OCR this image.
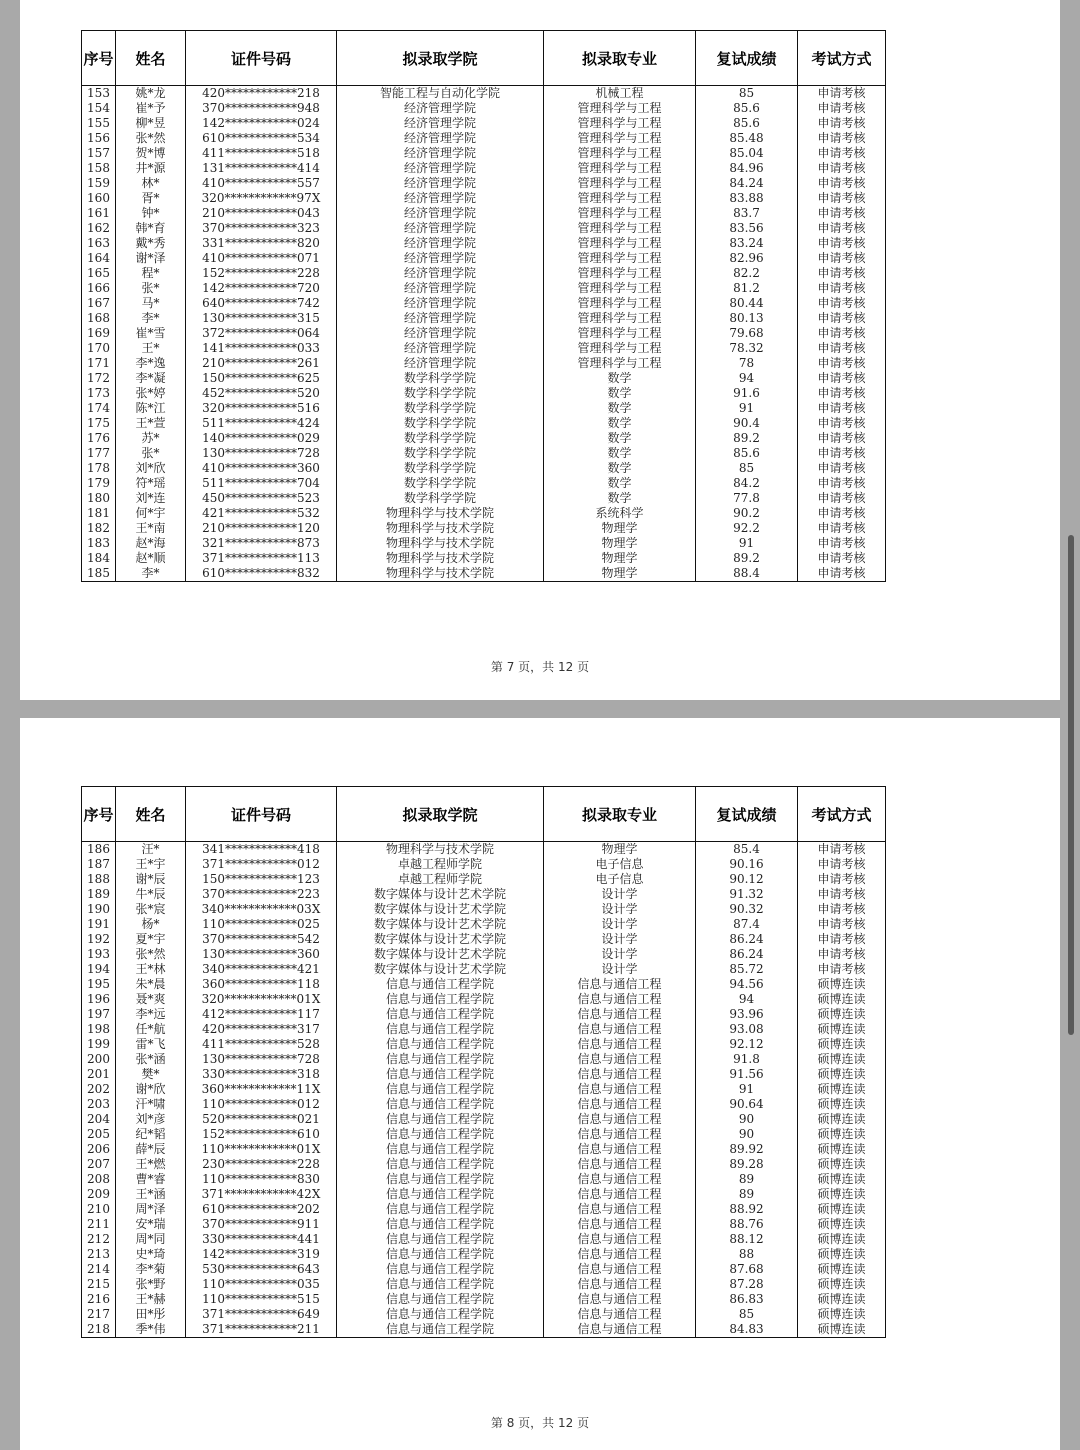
序号	姓名	证件号码	拟录取学院	拟录取专业	复试成绩	考试方式
153	姚*龙	420************218	智能工程与自动化学院	机械工程	85	申请考核
154	崔*予	370************948	经济管理学院	管理科学与工程	85.6	申请考核
155	柳*昱	142************024	经济管理学院	管理科学与工程	85.6	申请考核
156	张*然	610************534	经济管理学院	管理科学与工程	85.48	申请考核
157	贺*博	411************518	经济管理学院	管理科学与工程	85.04	申请考核
158	井*源	131************414	经济管理学院	管理科学与工程	84.96	申请考核
159	林*	410************557	经济管理学院	管理科学与工程	84.24	申请考核
160	胥*	320************97X	经济管理学院	管理科学与工程	83.88	申请考核
161	钟*	210************043	经济管理学院	管理科学与工程	83.7	申请考核
162	韩*育	370************323	经济管理学院	管理科学与工程	83.56	申请考核
163	戴*秀	331************820	经济管理学院	管理科学与工程	83.24	申请考核
164	谢*泽	410************071	经济管理学院	管理科学与工程	82.96	申请考核
165	程*	152************228	经济管理学院	管理科学与工程	82.2	申请考核
166	张*	142************720	经济管理学院	管理科学与工程	81.2	申请考核
167	马*	640************742	经济管理学院	管理科学与工程	80.44	申请考核
168	李*	130************315	经济管理学院	管理科学与工程	80.13	申请考核
169	崔*雪	372************064	经济管理学院	管理科学与工程	79.68	申请考核
170	王*	141************033	经济管理学院	管理科学与工程	78.32	申请考核
171	李*逸	210************261	经济管理学院	管理科学与工程	78	申请考核
172	李*凝	150************625	数学科学学院	数学	94	申请考核
173	张*婷	452************520	数学科学学院	数学	91.6	申请考核
174	陈*江	320************516	数学科学学院	数学	91	申请考核
175	王*萱	511************424	数学科学学院	数学	90.4	申请考核
176	苏*	140************029	数学科学学院	数学	89.2	申请考核
177	张*	130************728	数学科学学院	数学	85.6	申请考核
178	刘*欣	410************360	数学科学学院	数学	85	申请考核
179	符*瑶	511************704	数学科学学院	数学	84.2	申请考核
180	刘*连	450************523	数学科学学院	数学	77.8	申请考核
181	何*宇	421************532	物理科学与技术学院	系统科学	90.2	申请考核
182	王*南	210************120	物理科学与技术学院	物理学	92.2	申请考核
183	赵*海	321************873	物理科学与技术学院	物理学	91	申请考核
184	赵*顺	371************113	物理科学与技术学院	物理学	89.2	申请考核
185	李*	610************832	物理科学与技术学院	物理学	88.4	申请考核
第 7 页，共 12 页
序号	姓名	证件号码	拟录取学院	拟录取专业	复试成绩	考试方式
186	汪*	341************418	物理科学与技术学院	物理学	85.4	申请考核
187	王*宇	371************012	卓越工程师学院	电子信息	90.16	申请考核
188	谢*辰	150************123	卓越工程师学院	电子信息	90.12	申请考核
189	牛*辰	370************223	数字媒体与设计艺术学院	设计学	91.32	申请考核
190	张*宸	340************03X	数字媒体与设计艺术学院	设计学	90.32	申请考核
191	杨*	110************025	数字媒体与设计艺术学院	设计学	87.4	申请考核
192	夏*宇	370************542	数字媒体与设计艺术学院	设计学	86.24	申请考核
193	张*然	130************360	数字媒体与设计艺术学院	设计学	86.24	申请考核
194	王*林	340************421	数字媒体与设计艺术学院	设计学	85.72	申请考核
195	朱*晨	360************118	信息与通信工程学院	信息与通信工程	94.56	硕博连读
196	聂*爽	320************01X	信息与通信工程学院	信息与通信工程	94	硕博连读
197	李*远	412************117	信息与通信工程学院	信息与通信工程	93.96	硕博连读
198	任*航	420************317	信息与通信工程学院	信息与通信工程	93.08	硕博连读
199	雷*飞	411************528	信息与通信工程学院	信息与通信工程	92.12	硕博连读
200	张*涵	130************728	信息与通信工程学院	信息与通信工程	91.8	硕博连读
201	樊*	330************318	信息与通信工程学院	信息与通信工程	91.56	硕博连读
202	谢*欣	360************11X	信息与通信工程学院	信息与通信工程	91	硕博连读
203	汗*啸	110************012	信息与通信工程学院	信息与通信工程	90.64	硕博连读
204	刘*彦	520************021	信息与通信工程学院	信息与通信工程	90	硕博连读
205	纪*韬	152************610	信息与通信工程学院	信息与通信工程	90	硕博连读
206	薛*辰	110************01X	信息与通信工程学院	信息与通信工程	89.92	硕博连读
207	王*燃	230************228	信息与通信工程学院	信息与通信工程	89.28	硕博连读
208	曹*睿	110************830	信息与通信工程学院	信息与通信工程	89	硕博连读
209	王*涵	371************42X	信息与通信工程学院	信息与通信工程	89	硕博连读
210	周*泽	610************202	信息与通信工程学院	信息与通信工程	88.92	硕博连读
211	安*瑞	370************911	信息与通信工程学院	信息与通信工程	88.76	硕博连读
212	周*同	330************441	信息与通信工程学院	信息与通信工程	88.12	硕博连读
213	史*琦	142************319	信息与通信工程学院	信息与通信工程	88	硕博连读
214	李*菊	530************643	信息与通信工程学院	信息与通信工程	87.68	硕博连读
215	张*野	110************035	信息与通信工程学院	信息与通信工程	87.28	硕博连读
216	王*赫	110************515	信息与通信工程学院	信息与通信工程	86.83	硕博连读
217	田*彤	371************649	信息与通信工程学院	信息与通信工程	85	硕博连读
218	季*伟	371************211	信息与通信工程学院	信息与通信工程	84.83	硕博连读
第 8 页，共 12 页
